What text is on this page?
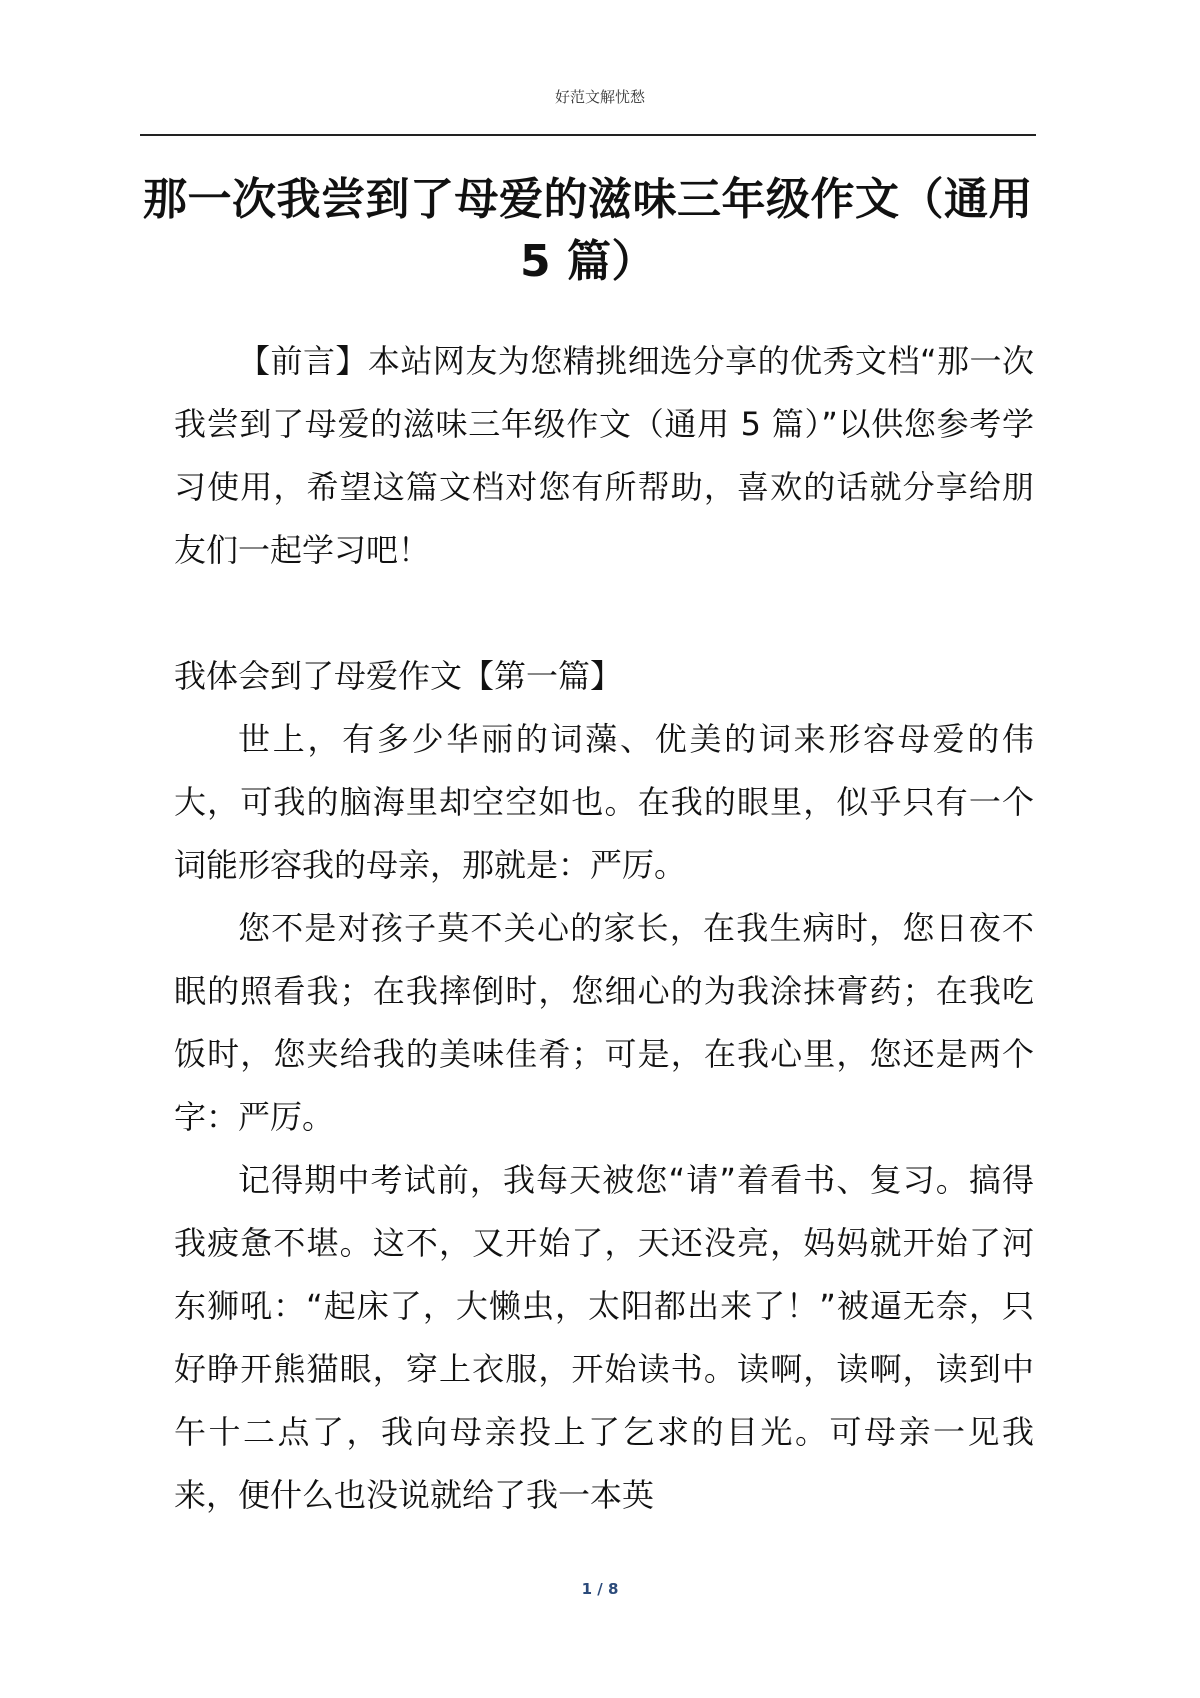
好范文解忧愁
那一次我尝到了母爱的滋味三年级作文（通用 5 篇）

【前言】本站网友为您精挑细选分享的优秀文档“那一次我尝到了母爱的滋味三年级作文（通用 5 篇）”以供您参考学习使用，希望这篇文档对您有所帮助，喜欢的话就分享给朋友们一起学习吧！

我体会到了母爱作文【第一篇】

世上，有多少华丽的词藻、优美的词来形容母爱的伟大，可我的脑海里却空空如也。在我的眼里，似乎只有一个词能形容我的母亲，那就是：严厉。

您不是对孩子莫不关心的家长，在我生病时，您日夜不眠的照看我；在我摔倒时，您细心的为我涂抹膏药；在我吃饭时，您夹给我的美味佳肴；可是，在我心里，您还是两个字：严厉。

记得期中考试前，我每天被您“请”着看书、复习。搞得我疲惫不堪。这不，又开始了，天还没亮，妈妈就开始了河东狮吼：“起床了，大懒虫，太阳都出来了！”被逼无奈，只好睁开熊猫眼，穿上衣服，开始读书。读啊，读啊，读到中午十二点了，我向母亲投上了乞求的目光。可母亲一见我来，便什么也没说就给了我一本英

1 / 8
